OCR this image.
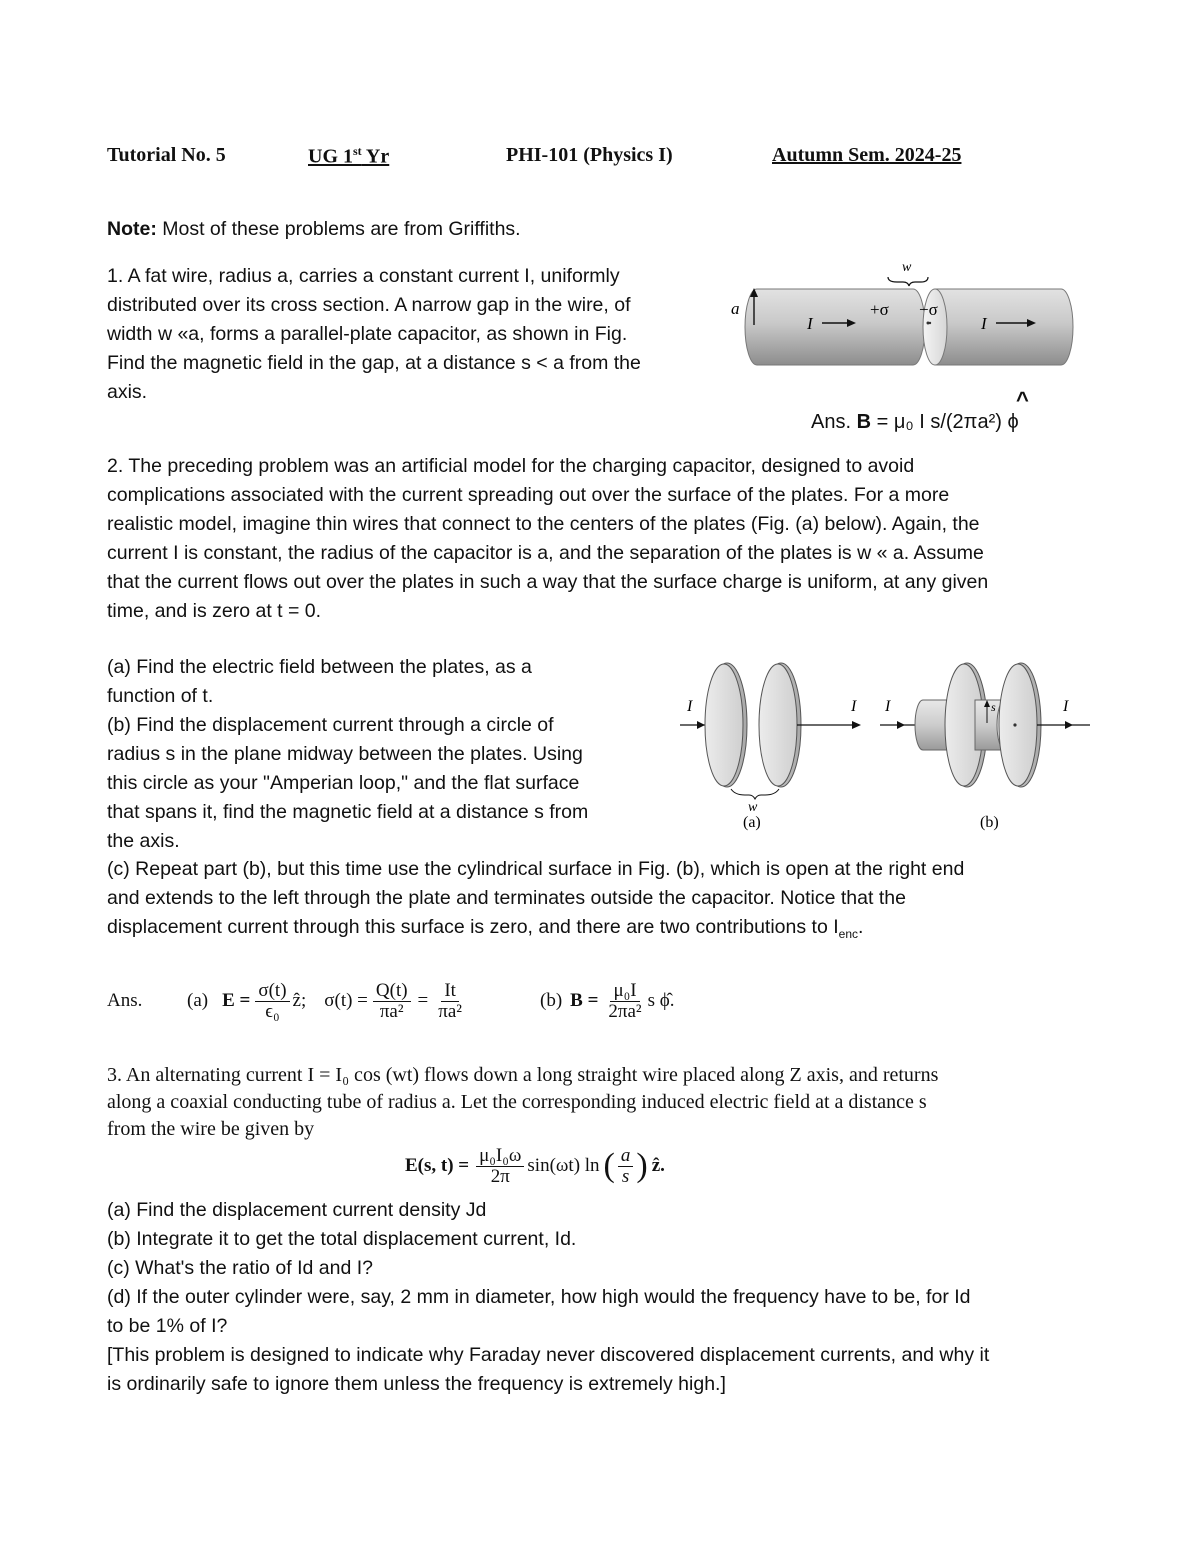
Tutorial No. 5	UG 1st Yr	PHI-101 (Physics I)	Autumn Sem. 2024-25
Note: Most of these problems are from Griffiths.
1. A fat wire, radius a, carries a constant current I, uniformly
distributed over its cross section. A narrow gap in the wire, of
width w «a, forms a parallel-plate capacitor, as shown in Fig.
Find the magnetic field in the gap, at a distance s < a from the
axis.
a
I	I
+σ −σ
w
^
Ans. B = μ₀ I s/(2πa²) ϕ
2. The preceding problem was an artificial model for the charging capacitor, designed to avoid
complications associated with the current spreading out over the surface of the plates. For a more
realistic model, imagine thin wires that connect to the centers of the plates (Fig. (a) below). Again, the
current I is constant, the radius of the capacitor is a, and the separation of the plates is w « a. Assume
that the current flows out over the plates in such a way that the surface charge is uniform, at any given
time, and is zero at t = 0.
(a) Find the electric field between the plates, as a
function of t.
(b) Find the displacement current through a circle of
radius s in the plane midway between the plates. Using
this circle as your "Amperian loop," and the flat surface
that spans it, find the magnetic field at a distance s from
the axis.
I	I
w
(a)
I	s	I
(b)
(c) Repeat part (b), but this time use the cylindrical surface in Fig. (b), which is open at the right end
and extends to the left through the plate and terminates outside the capacitor. Notice that the
displacement current through this surface is zero, and there are two contributions to $I_{enc}$.
Ans.	(a) $E = \frac{\sigma(t)}{\text{ϵ₀}}$ ẑ; $\sigma(t) = \frac{Q(t)}{\text{πa²}} = \frac{It}{\text{πa²}}$	(b) $B = \frac{\text{μ₀I}}{\text{2πa²}}$ s ϕ̂.
3. An alternating current I = I₀ cos (wt) flows down a long straight wire placed along Z axis, and returns
along a coaxial conducting tube of radius a. Let the corresponding induced electric field at a distance s
from the wire be given by
E(s, $t) = \frac{\text{μ₀I₀ω}}{2\pi} \sin(\omega t)$ ln ( $\frac{a}{s}$ ) ẑ.
(a) Find the displacement current density Jd
(b) Integrate it to get the total displacement current, Id.
(c) What's the ratio of Id and I?
(d) If the outer cylinder were, say, 2 mm in diameter, how high would the frequency have to be, for Id
to be 1% of I?
[This problem is designed to indicate why Faraday never discovered displacement currents, and why it
is ordinarily safe to ignore them unless the frequency is extremely high.]
